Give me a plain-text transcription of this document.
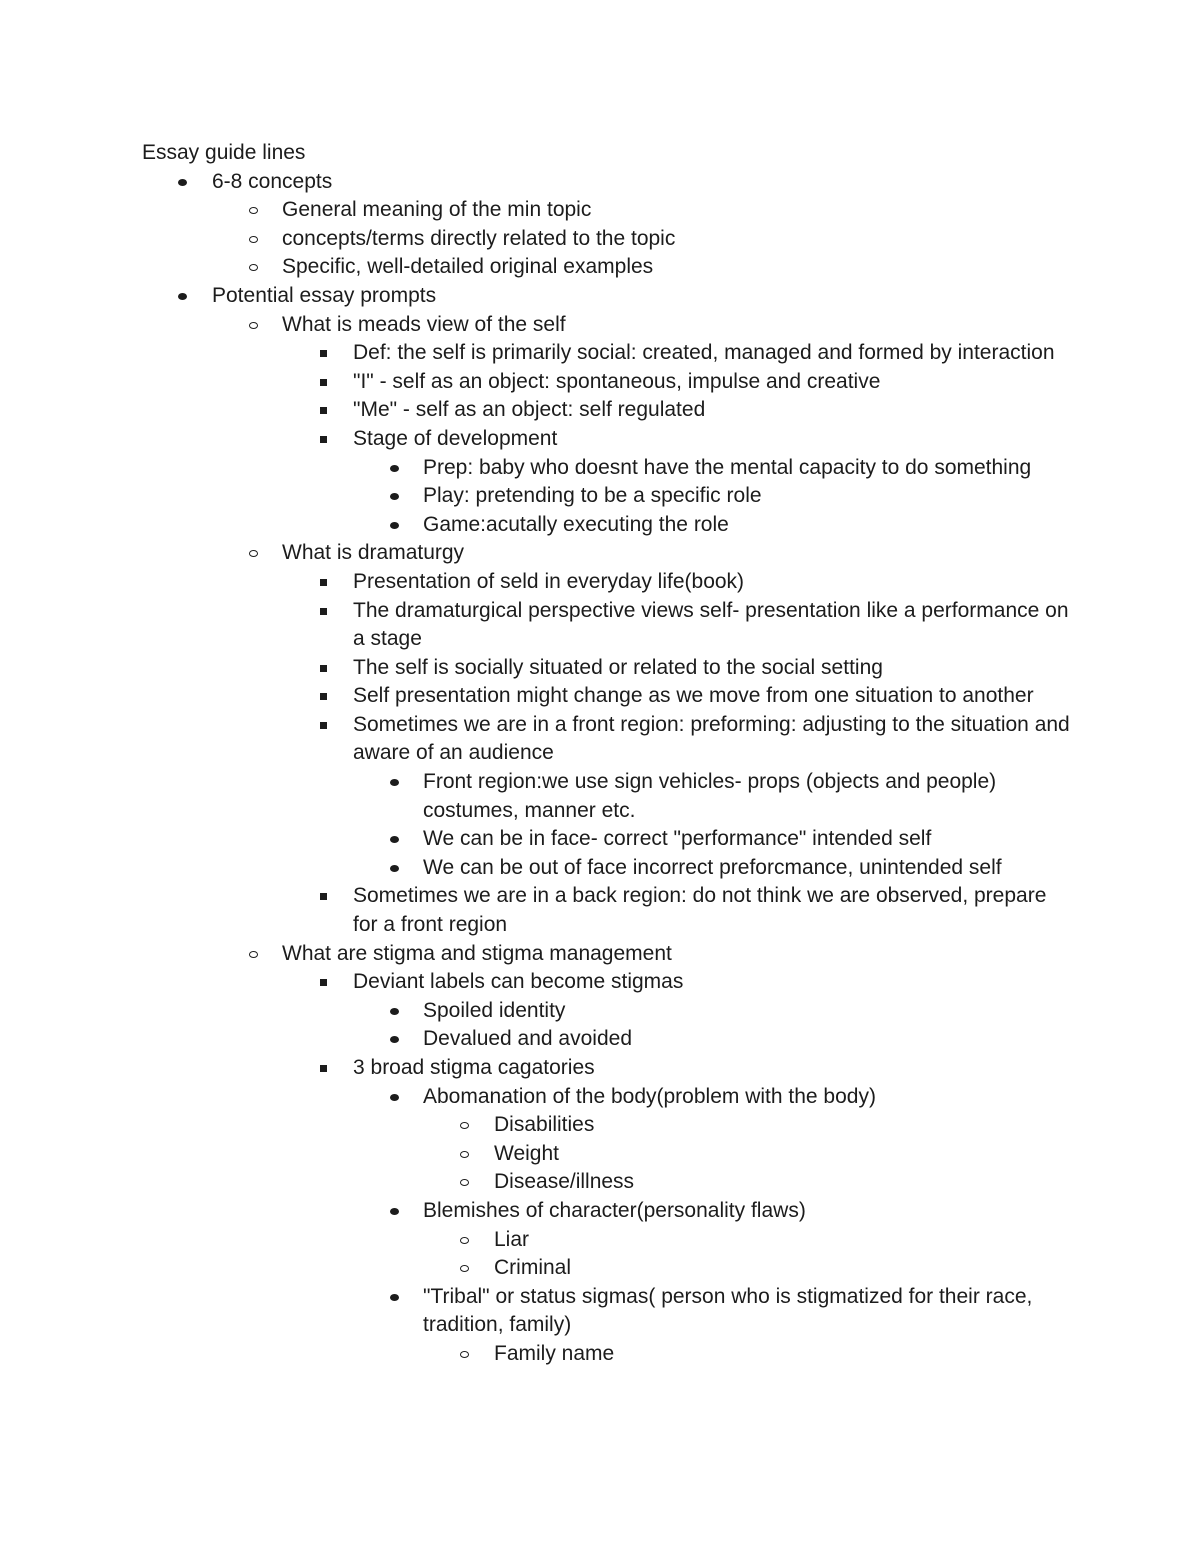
Essay guide lines

6-8 concepts
General meaning of the min topic
concepts/terms directly related to the topic
Specific, well-detailed original examples
Potential essay prompts
What is meads view of the self
Def: the self is primarily social: created, managed and formed by interaction
"I" - self as an object: spontaneous, impulse and creative
"Me" - self as an object: self regulated
Stage of development
Prep: baby who doesnt have the mental capacity to do something
Play: pretending to be a specific role
Game:acutally executing the role
What is dramaturgy
Presentation of seld in everyday life(book)
The dramaturgical perspective views self- presentation like a performance on a stage
The self is socially situated or related to the social setting
Self presentation might change as we move from one situation to another
Sometimes we are in a front region: preforming: adjusting to the situation and aware of an audience
Front region:we use sign vehicles- props (objects and people) costumes, manner etc.
We can be in face- correct "performance" intended self
We can be out of face incorrect preforcmance, unintended self
Sometimes we are in a back region: do not think we are observed, prepare for a front region
What are stigma and stigma management
Deviant labels can become stigmas
Spoiled identity
Devalued and avoided
3 broad stigma cagatories
Abomanation of the body(problem with the body)
Disabilities
Weight
Disease/illness
Blemishes of character(personality flaws)
Liar
Criminal
"Tribal" or status sigmas( person who is stigmatized for their race, tradition, family)
Family name
